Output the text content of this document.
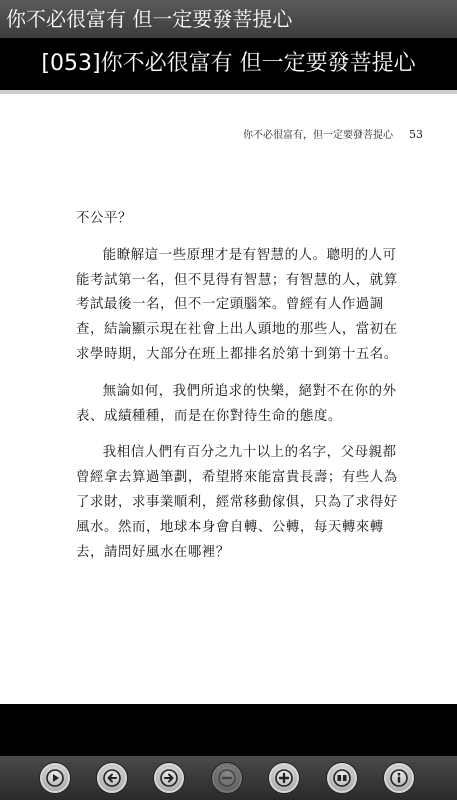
你不必很富有 但一定要發菩提心
[053]你不必很富有 但一定要發菩提心
你不必很富有，但一定要發菩提心 53

不公平？

能瞭解這一些原理才是有智慧的人。聰明的人可能考試第一名，但不見得有智慧；有智慧的人，就算考試最後一名，但不一定頭腦笨。曾經有人作過調查，結論顯示現在社會上出人頭地的那些人，當初在求學時期，大部分在班上都排名於第十到第十五名。

無論如何，我們所追求的快樂，絕對不在你的外表、成績種種，而是在你對待生命的態度。

我相信人們有百分之九十以上的名字，父母親都曾經拿去算過筆劃，希望將來能富貴長壽；有些人為了求財，求事業順利，經常移動傢俱，只為了求得好風水。然而，地球本身會自轉、公轉，每天轉來轉去，請問好風水在哪裡？
